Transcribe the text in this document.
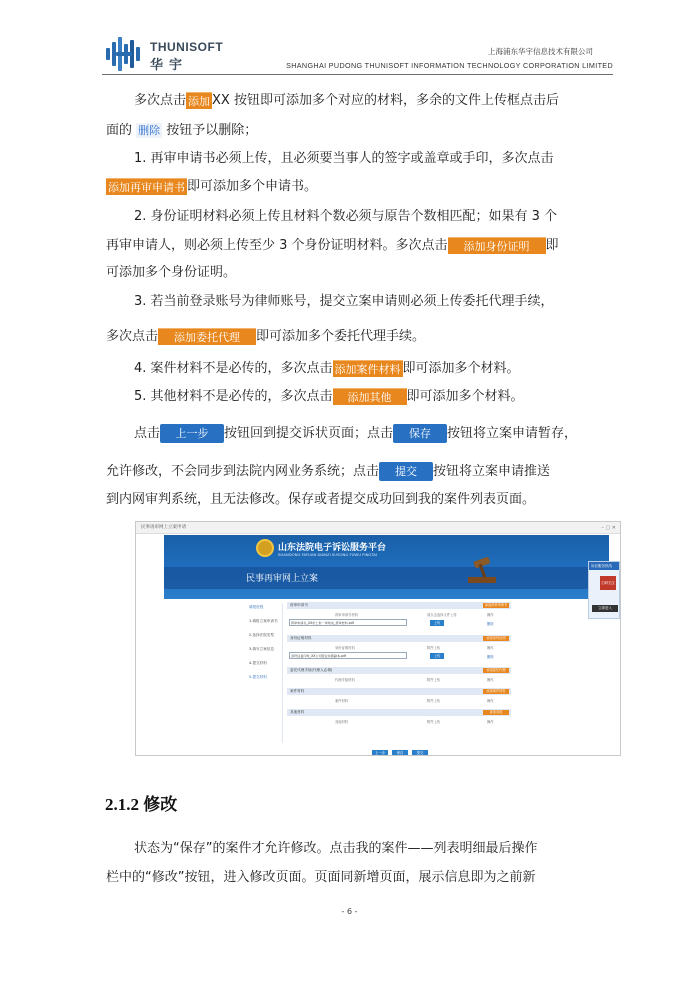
THUNISOFT
华宇
上海浦东华宇信息技术有限公司
SHANGHAI PUDONG THUNISOFT INFORMATION TECHNOLOGY CORPORATION LIMITED
多次点击 添加 XX 按钮即可添加多个对应的材料，多余的文件上传框点击后
面的 删除 按钮予以删除；
1. 再审申请书必须上传，且必须要当事人的签字或盖章或手印，多次点击
添加再审申请书 即可添加多个申请书。
2. 身份证明材料必须上传且材料个数必须与原告个数相匹配；如果有 3 个
再审申请人，则必须上传至少 3 个身份证明材料。多次点击 添加身份证明 即
可添加多个身份证明。
3. 若当前登录账号为律师账号，提交立案申请则必须上传委托代理手续，
多次点击 添加委托代理 即可添加多个委托代理手续。
4. 案件材料不是必传的，多次点击 添加案件材料 即可添加多个材料。
5. 其他材料不是必传的，多次点击 添加其他 即可添加多个材料。
点击 上一步 按钮回到提交诉状页面；点击 保存 按钮将立案申请暂存，
允许修改，不会同步到法院内网业务系统；点击 提交 按钮将立案申请推送
到内网审判系统，且无法修改。保存或者提交成功回到我的案件列表页面。
民事再审网上立案申请	– ▢ ✕
山东法院电子诉讼服务平台
SHANDONG FAYUAN DIANZI SUSONG FUWU PINGTAI
民事再审网上立案
诉讼服务热线
扫码关注
立即进入
填报进程
1.填报立案申请书
2.选择法院类型
3.填写立案信息
4.提交材料
5.提交材料
再审申请书	添加再审申请书
再审申请书材料	请点击选择文件上传	操作
再审申请书_XX市上诉一审判决_原审材料.pdf	上传	删除
身份证明材料	添加身份证明
身份证明材料	附件上传	操作
身份证复印件_XX公司营业执照副本.pdf	上传	删除
委托代理手续(代理人必填)	添加委托代理
代理手续材料	附件上传	操作
案件材料	添加案件材料
案件材料	附件上传	操作
其他材料	添加其他
其他材料	附件上传	操作
上一步	保存	提交
2.1.2 修改
状态为“保存”的案件才允许修改。点击我的案件——列表明细最后操作
栏中的“修改”按钮，进入修改页面。页面同新增页面，展示信息即为之前新
- 6 -
